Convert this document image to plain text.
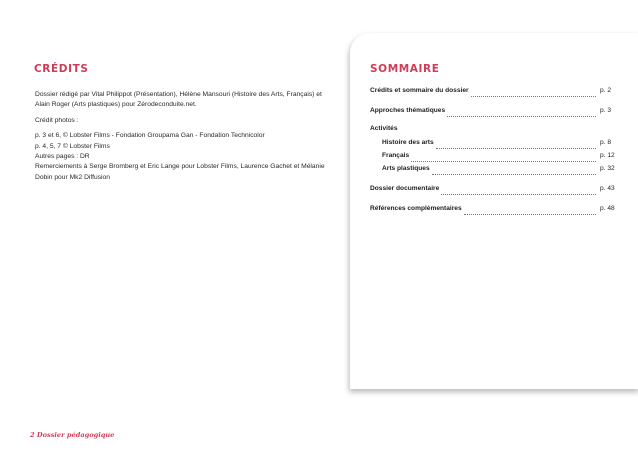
CRÉDITS

Dossier rédigé par Vital Philippot (Présentation), Hélène Mansouri (Histoire des Arts, Français) et Alain Roger (Arts plastiques) pour Zérodeconduite.net.

Crédit photos :

p. 3 et 6, © Lobster Films - Fondation Groupama Gan - Fondation Technicolor

p. 4, 5, 7 © Lobster Films

Autres pages : DR

Remerciements à Serge Bromberg et Eric Lange pour Lobster Films, Laurence Gachet et Mélanie Dobin pour Mk2 Diffusion

SOMMAIRE
Crédits et sommaire du dossier	p. 2
Approches thématiques	p. 3
Activités
Histoire des arts	p. 8
Français	p. 12
Arts plastiques	p. 32
Dossier documentaire	p. 43
Références complémentaires	p. 48
2 Dossier pédagogique
